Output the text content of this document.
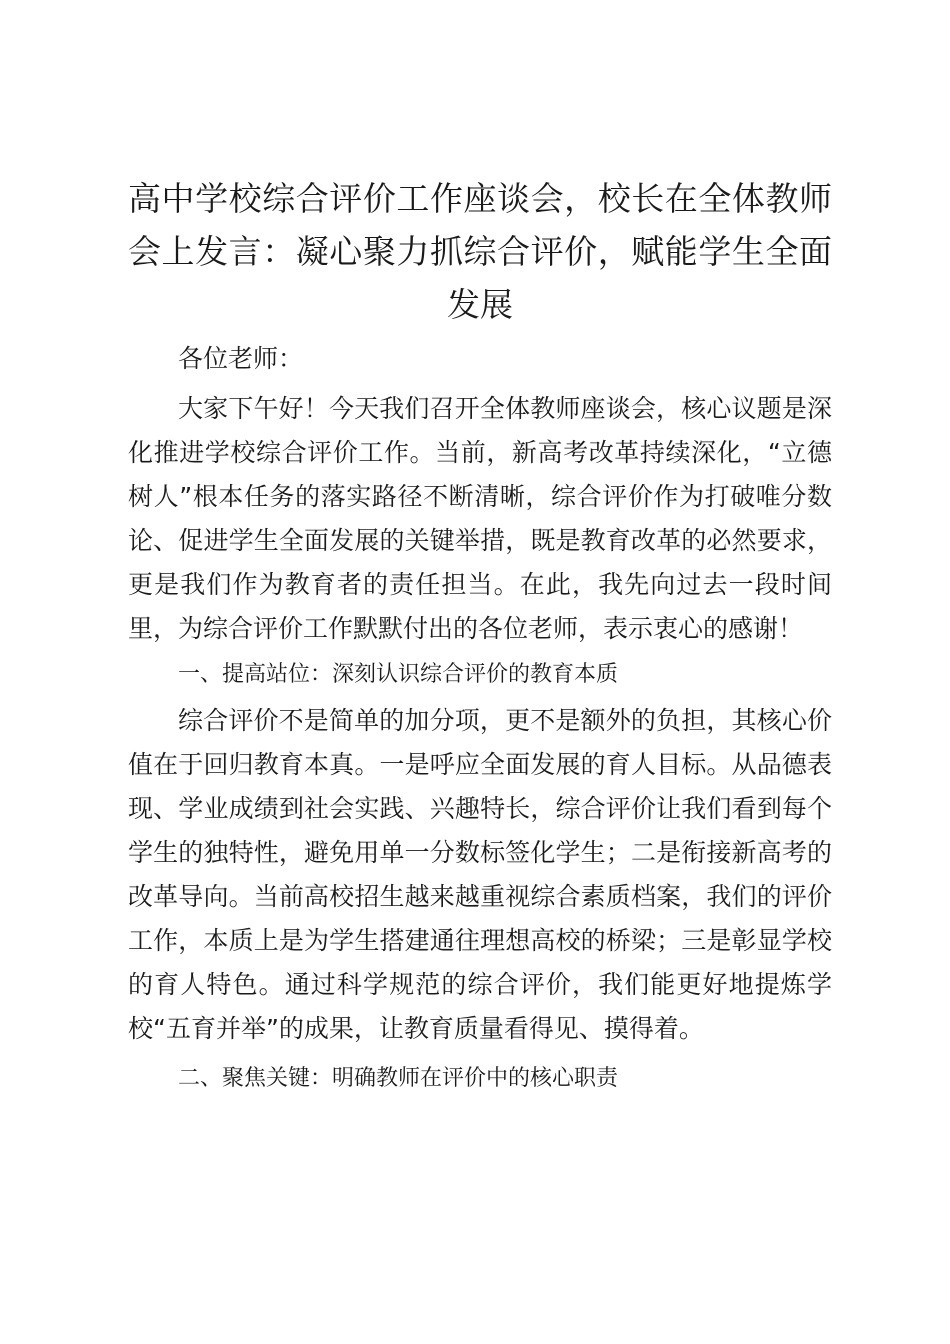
高中学校综合评价工作座谈会，校长在全体教师会上发言：凝心聚力抓综合评价，赋能学生全面发展

各位老师：

大家下午好！今天我们召开全体教师座谈会，核心议题是深化推进学校综合评价工作。当前，新高考改革持续深化，“立德树人”根本任务的落实路径不断清晰，综合评价作为打破唯分数论、促进学生全面发展的关键举措，既是教育改革的必然要求，更是我们作为教育者的责任担当。在此，我先向过去一段时间里，为综合评价工作默默付出的各位老师，表示衷心的感谢！

一、提高站位：深刻认识综合评价的教育本质

综合评价不是简单的加分项，更不是额外的负担，其核心价值在于回归教育本真。一是呼应全面发展的育人目标。从品德表现、学业成绩到社会实践、兴趣特长，综合评价让我们看到每个学生的独特性，避免用单一分数标签化学生；二是衔接新高考的改革导向。当前高校招生越来越重视综合素质档案，我们的评价工作，本质上是为学生搭建通往理想高校的桥梁；三是彰显学校的育人特色。通过科学规范的综合评价，我们能更好地提炼学校“五育并举”的成果，让教育质量看得见、摸得着。

二、聚焦关键：明确教师在评价中的核心职责
